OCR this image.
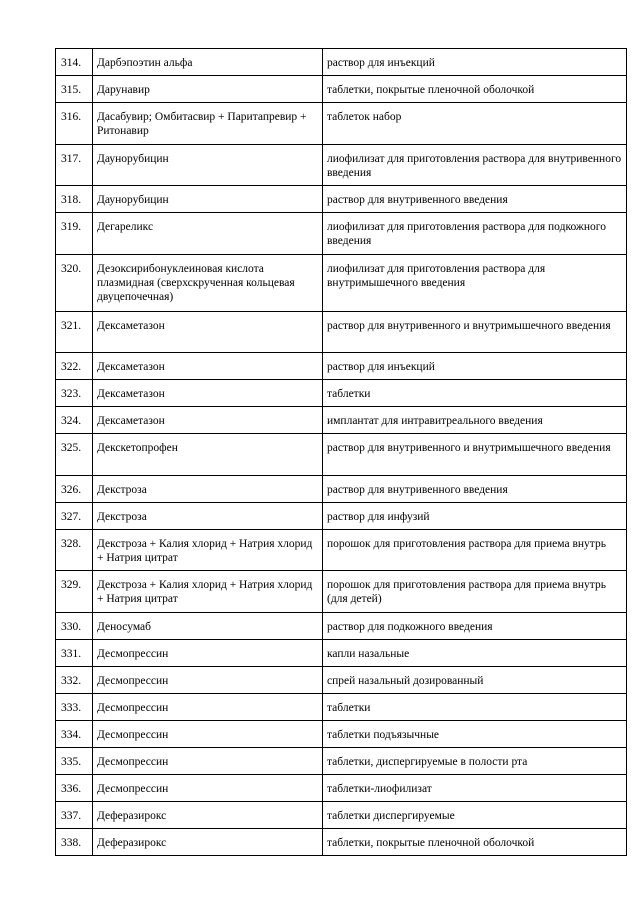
314.	Дарбэпоэтин альфа	раствор для инъекций
315.	Дарунавир	таблетки, покрытые пленочной оболочкой
316.	Дасабувир; Омбитасвир + Паритапревир + Ритонавир	таблеток набор
317.	Даунорубицин	лиофилизат для приготовления раствора для внутривенного введения
318.	Даунорубицин	раствор для внутривенного введения
319.	Дегареликс	лиофилизат для приготовления раствора для подкожного введения
320.	Дезоксирибонуклеиновая кислота плазмидная (сверхскрученная кольцевая двуцепочечная)	лиофилизат для приготовления раствора для внутримышечного введения
321.	Дексаметазон	раствор для внутривенного и внутримышечного введения
322.	Дексаметазон	раствор для инъекций
323.	Дексаметазон	таблетки
324.	Дексаметазон	имплантат для интравитреального введения
325.	Декскетопрофен	раствор для внутривенного и внутримышечного введения
326.	Декстроза	раствор для внутривенного введения
327.	Декстроза	раствор для инфузий
328.	Декстроза + Калия хлорид + Натрия хлорид + Натрия цитрат	порошок для приготовления раствора для приема внутрь
329.	Декстроза + Калия хлорид + Натрия хлорид + Натрия цитрат	порошок для приготовления раствора для приема внутрь (для детей)
330.	Деносумаб	раствор для подкожного введения
331.	Десмопрессин	капли назальные
332.	Десмопрессин	спрей назальный дозированный
333.	Десмопрессин	таблетки
334.	Десмопрессин	таблетки подъязычные
335.	Десмопрессин	таблетки, диспергируемые в полости рта
336.	Десмопрессин	таблетки-лиофилизат
337.	Деферазирокс	таблетки диспергируемые
338.	Деферазирокс	таблетки, покрытые пленочной оболочкой
